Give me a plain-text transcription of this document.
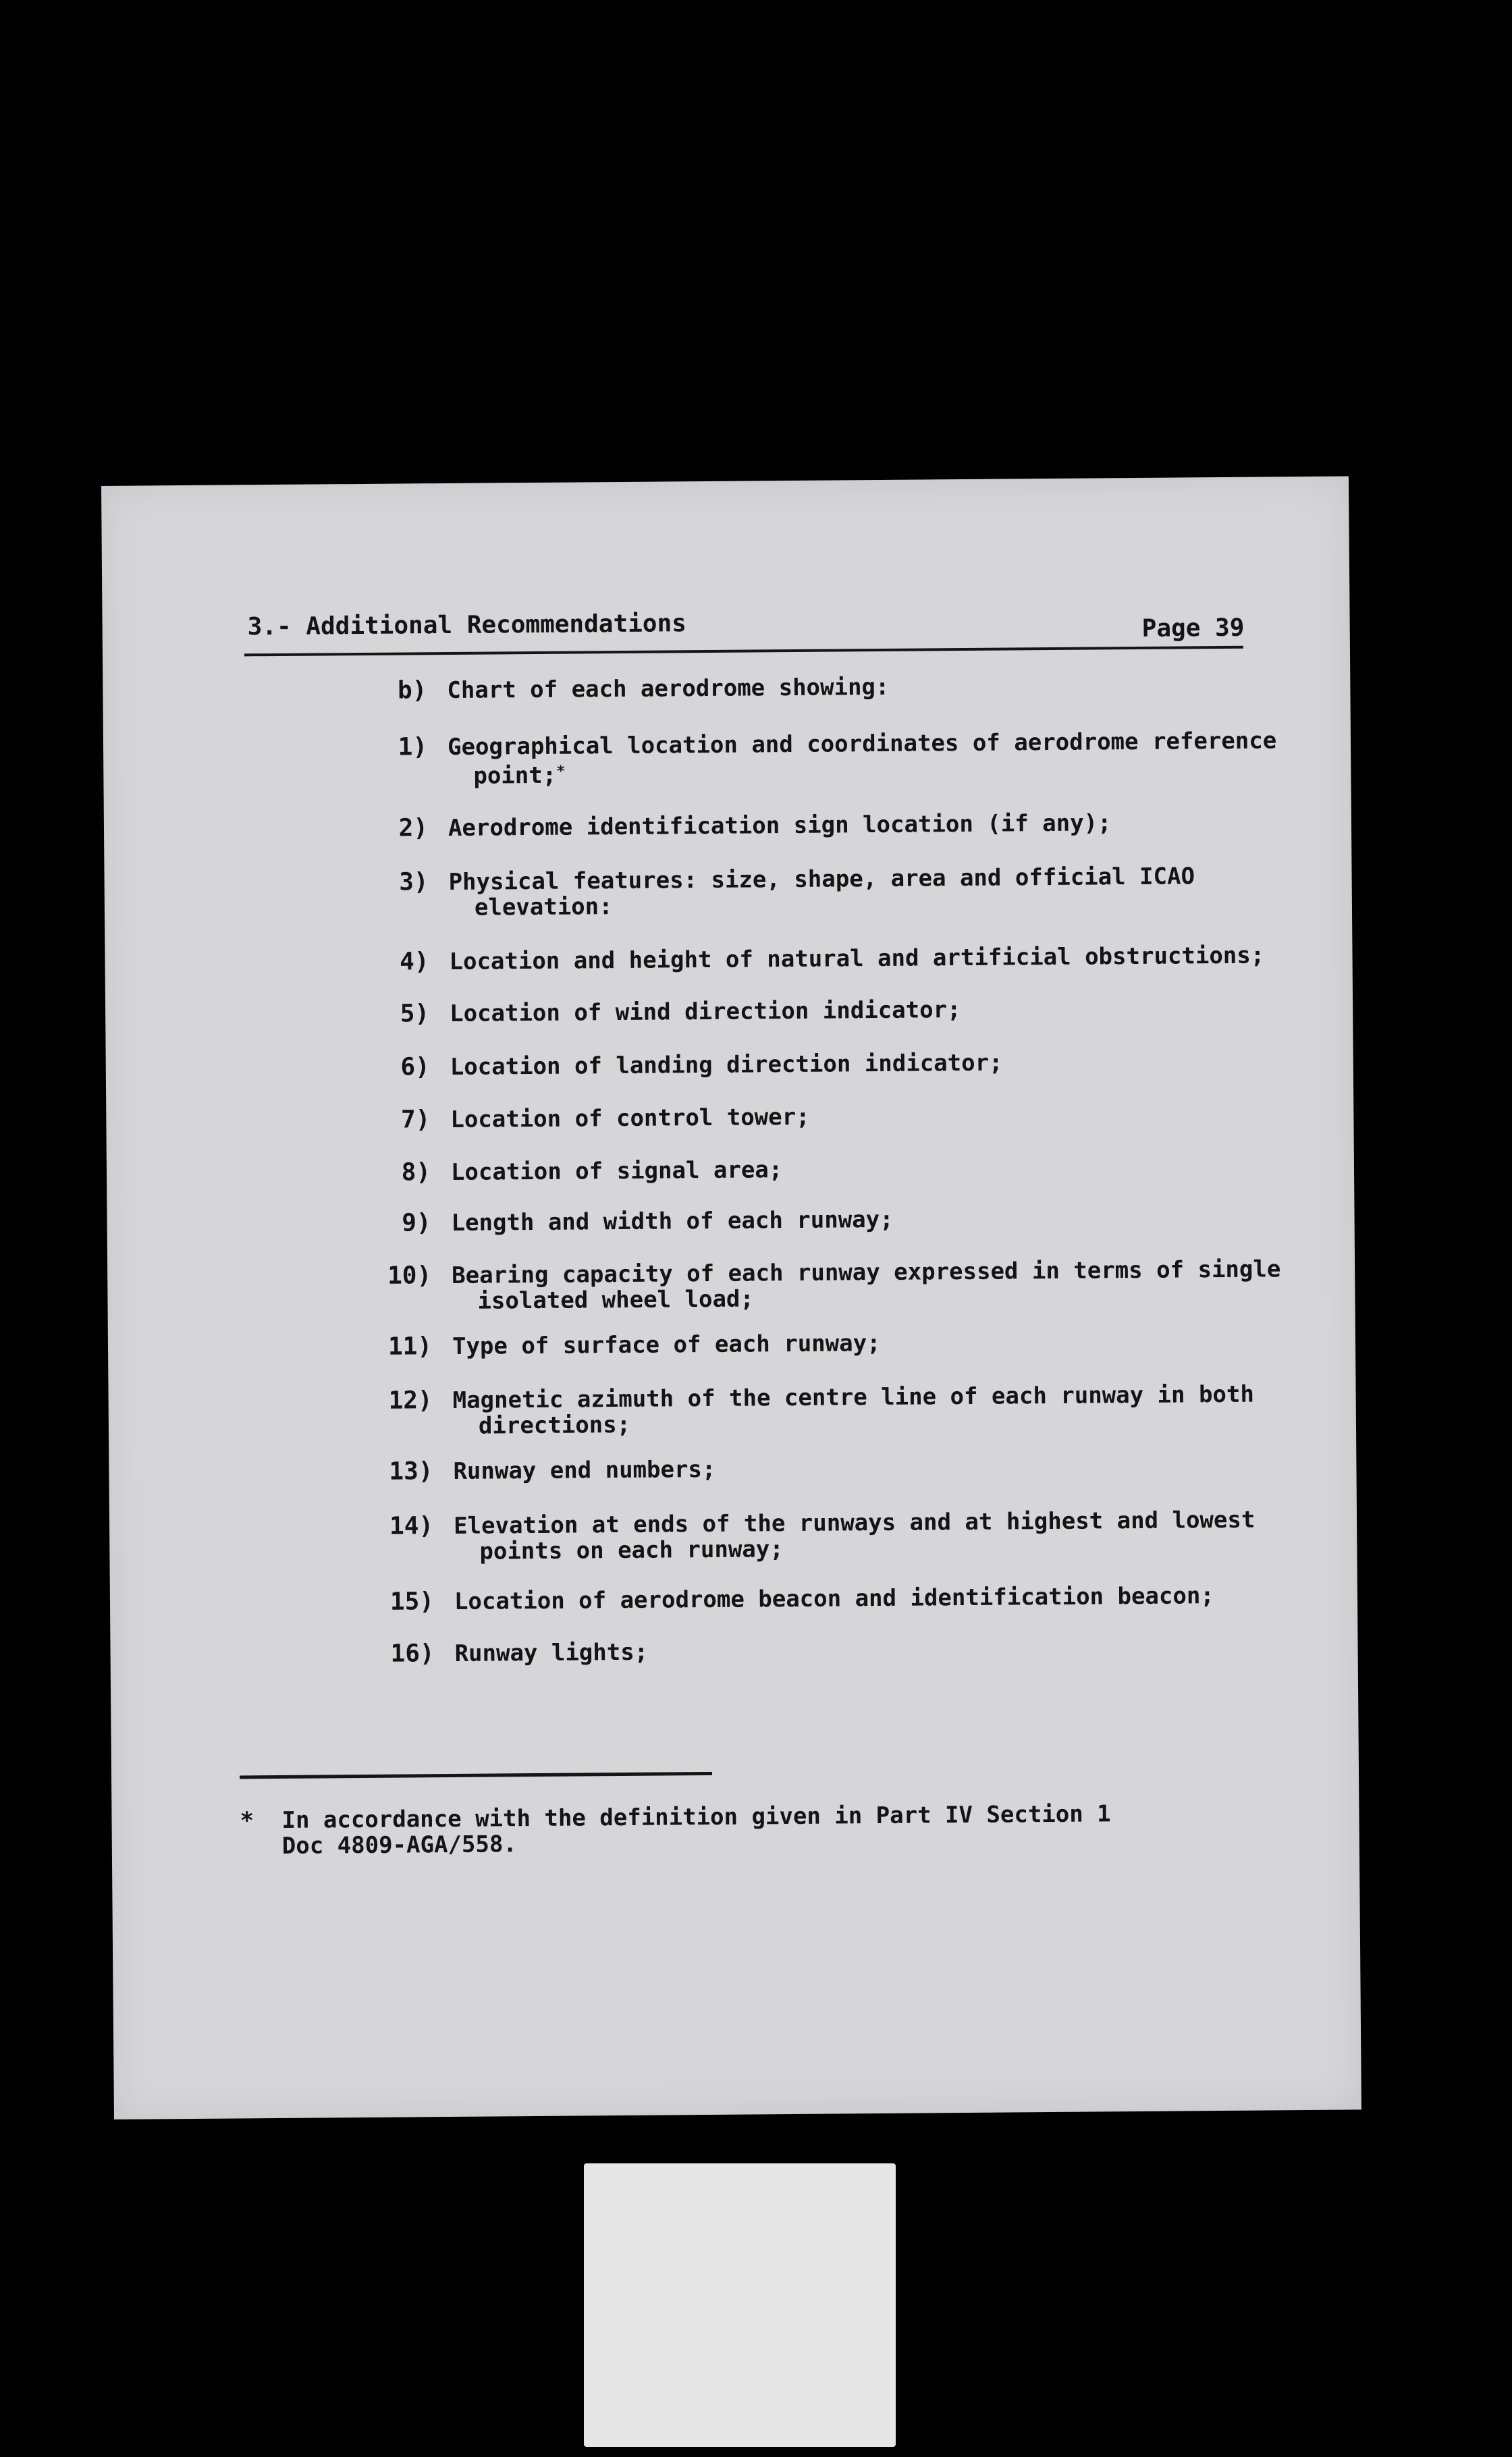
3.- Additional Recommendations	Page 39
b) Chart of each aerodrome showing:
1) Geographical location and coordinates of aerodrome reference
point;*
2) Aerodrome identification sign location (if any);
3) Physical features: size, shape, area and official ICAO
elevation:
4) Location and height of natural and artificial obstructions;
5) Location of wind direction indicator;
6) Location of landing direction indicator;
7) Location of control tower;
8) Location of signal area;
9) Length and width of each runway;
10) Bearing capacity of each runway expressed in terms of single
isolated wheel load;
11) Type of surface of each runway;
12) Magnetic azimuth of the centre line of each runway in both
directions;
13) Runway end numbers;
14) Elevation at ends of the runways and at highest and lowest
points on each runway;
15) Location of aerodrome beacon and identification beacon;
16) Runway lights;
* In accordance with the definition given in Part IV Section 1
Doc 4809-AGA/558.
